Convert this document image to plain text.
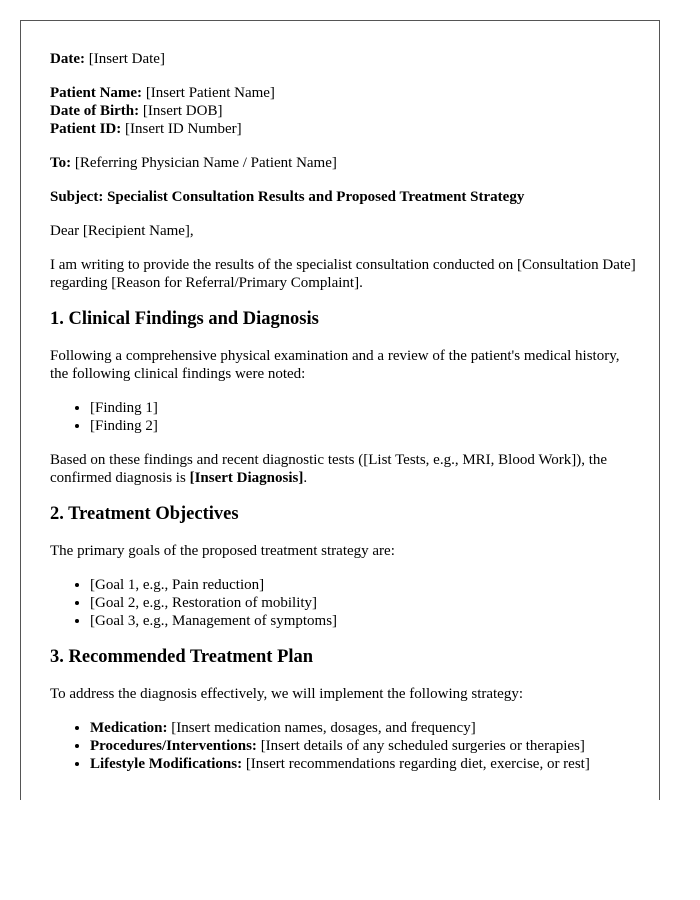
Date: [Insert Date]

Patient Name: [Insert Patient Name]

Date of Birth: [Insert DOB]

Patient ID: [Insert ID Number]

To: [Referring Physician Name / Patient Name]

Subject: Specialist Consultation Results and Proposed Treatment Strategy

Dear [Recipient Name],

I am writing to provide the results of the specialist consultation conducted on [Consultation Date] regarding [Reason for Referral/Primary Complaint].

1. Clinical Findings and Diagnosis

Following a comprehensive physical examination and a review of the patient's medical history, the following clinical findings were noted:

• [Finding 1]
• [Finding 2]

Based on these findings and recent diagnostic tests ([List Tests, e.g., MRI, Blood Work]), the confirmed diagnosis is [Insert Diagnosis].

2. Treatment Objectives

The primary goals of the proposed treatment strategy are:

• [Goal 1, e.g., Pain reduction]
• [Goal 2, e.g., Restoration of mobility]
• [Goal 3, e.g., Management of symptoms]
3. Recommended Treatment Plan

To address the diagnosis effectively, we will implement the following strategy:

• Medication: [Insert medication names, dosages, and frequency]
• Procedures/Interventions: [Insert details of any scheduled surgeries or therapies]
• Lifestyle Modifications: [Insert recommendations regarding diet, exercise, or rest]
